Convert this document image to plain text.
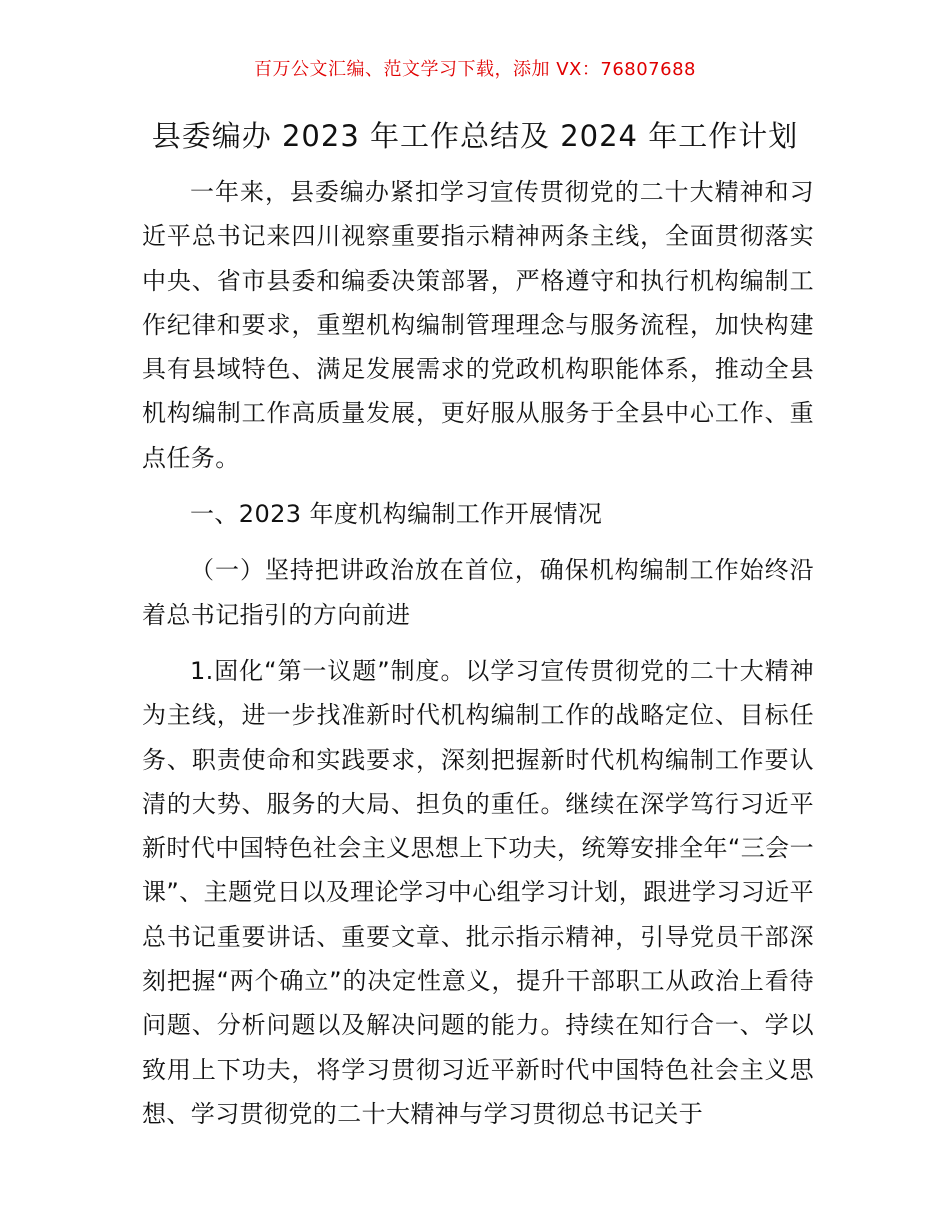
百万公文汇编、范文学习下载，添加 VX：76807688
县委编办 2023 年工作总结及 2024 年工作计划

一年来，县委编办紧扣学习宣传贯彻党的二十大精神和习近平总书记来四川视察重要指示精神两条主线，全面贯彻落实中央、省市县委和编委决策部署，严格遵守和执行机构编制工作纪律和要求，重塑机构编制管理理念与服务流程，加快构建具有县域特色、满足发展需求的党政机构职能体系，推动全县机构编制工作高质量发展，更好服从服务于全县中心工作、重点任务。

一、2023 年度机构编制工作开展情况

（一）坚持把讲政治放在首位，确保机构编制工作始终沿着总书记指引的方向前进

1.固化“第一议题”制度。以学习宣传贯彻党的二十大精神为主线，进一步找准新时代机构编制工作的战略定位、目标任务、职责使命和实践要求，深刻把握新时代机构编制工作要认清的大势、服务的大局、担负的重任。继续在深学笃行习近平新时代中国特色社会主义思想上下功夫，统筹安排全年“三会一课”、主题党日以及理论学习中心组学习计划，跟进学习习近平总书记重要讲话、重要文章、批示指示精神，引导党员干部深刻把握“两个确立”的决定性意义，提升干部职工从政治上看待问题、分析问题以及解决问题的能力。持续在知行合一、学以致用上下功夫，将学习贯彻习近平新时代中国特色社会主义思想、学习贯彻党的二十大精神与学习贯彻总书记关于
